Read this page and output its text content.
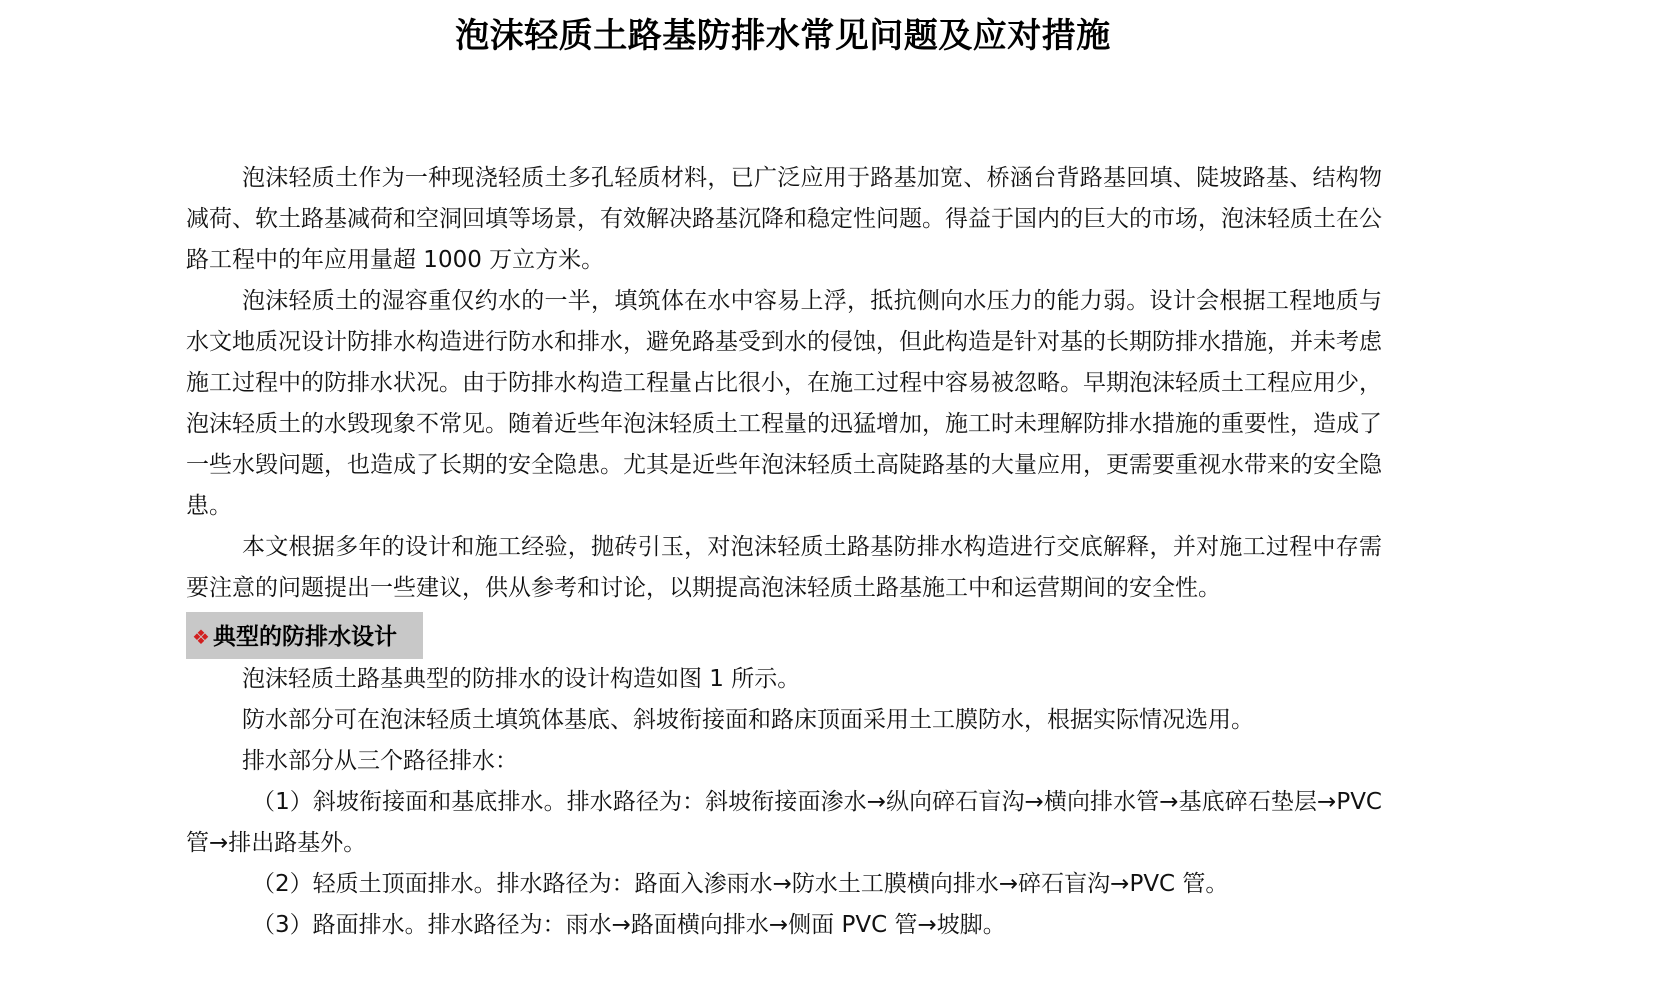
泡沫轻质土路基防排水常见问题及应对措施

泡沫轻质土作为一种现浇轻质土多孔轻质材料，已广泛应用于路基加宽、桥涵台背路基回填、陡坡路基、结构物减荷、软土路基减荷和空洞回填等场景，有效解决路基沉降和稳定性问题。得益于国内的巨大的市场，泡沫轻质土在公路工程中的年应用量超 1000 万立方米。

泡沫轻质土的湿容重仅约水的一半，填筑体在水中容易上浮，抵抗侧向水压力的能力弱。设计会根据工程地质与水文地质况设计防排水构造进行防水和排水，避免路基受到水的侵蚀，但此构造是针对基的长期防排水措施，并未考虑施工过程中的防排水状况。由于防排水构造工程量占比很小，在施工过程中容易被忽略。早期泡沫轻质土工程应用少，泡沫轻质土的水毁现象不常见。随着近些年泡沫轻质土工程量的迅猛增加，施工时未理解防排水措施的重要性，造成了一些水毁问题，也造成了长期的安全隐患。尤其是近些年泡沫轻质土高陡路基的大量应用，更需要重视水带来的安全隐患。

本文根据多年的设计和施工经验，抛砖引玉，对泡沫轻质土路基防排水构造进行交底解释，并对施工过程中存需要注意的问题提出一些建议，供从参考和讨论，以期提高泡沫轻质土路基施工中和运营期间的安全性。

❖ 典型的防排水设计

泡沫轻质土路基典型的防排水的设计构造如图 1 所示。

防水部分可在泡沫轻质土填筑体基底、斜坡衔接面和路床顶面采用土工膜防水，根据实际情况选用。

排水部分从三个路径排水：

（1）斜坡衔接面和基底排水。排水路径为：斜坡衔接面渗水→纵向碎石盲沟→横向排水管→基底碎石垫层→PVC 管→排出路基外。

（2）轻质土顶面排水。排水路径为：路面入渗雨水→防水土工膜横向排水→碎石盲沟→PVC 管。

（3）路面排水。排水路径为：雨水→路面横向排水→侧面 PVC 管→坡脚。
